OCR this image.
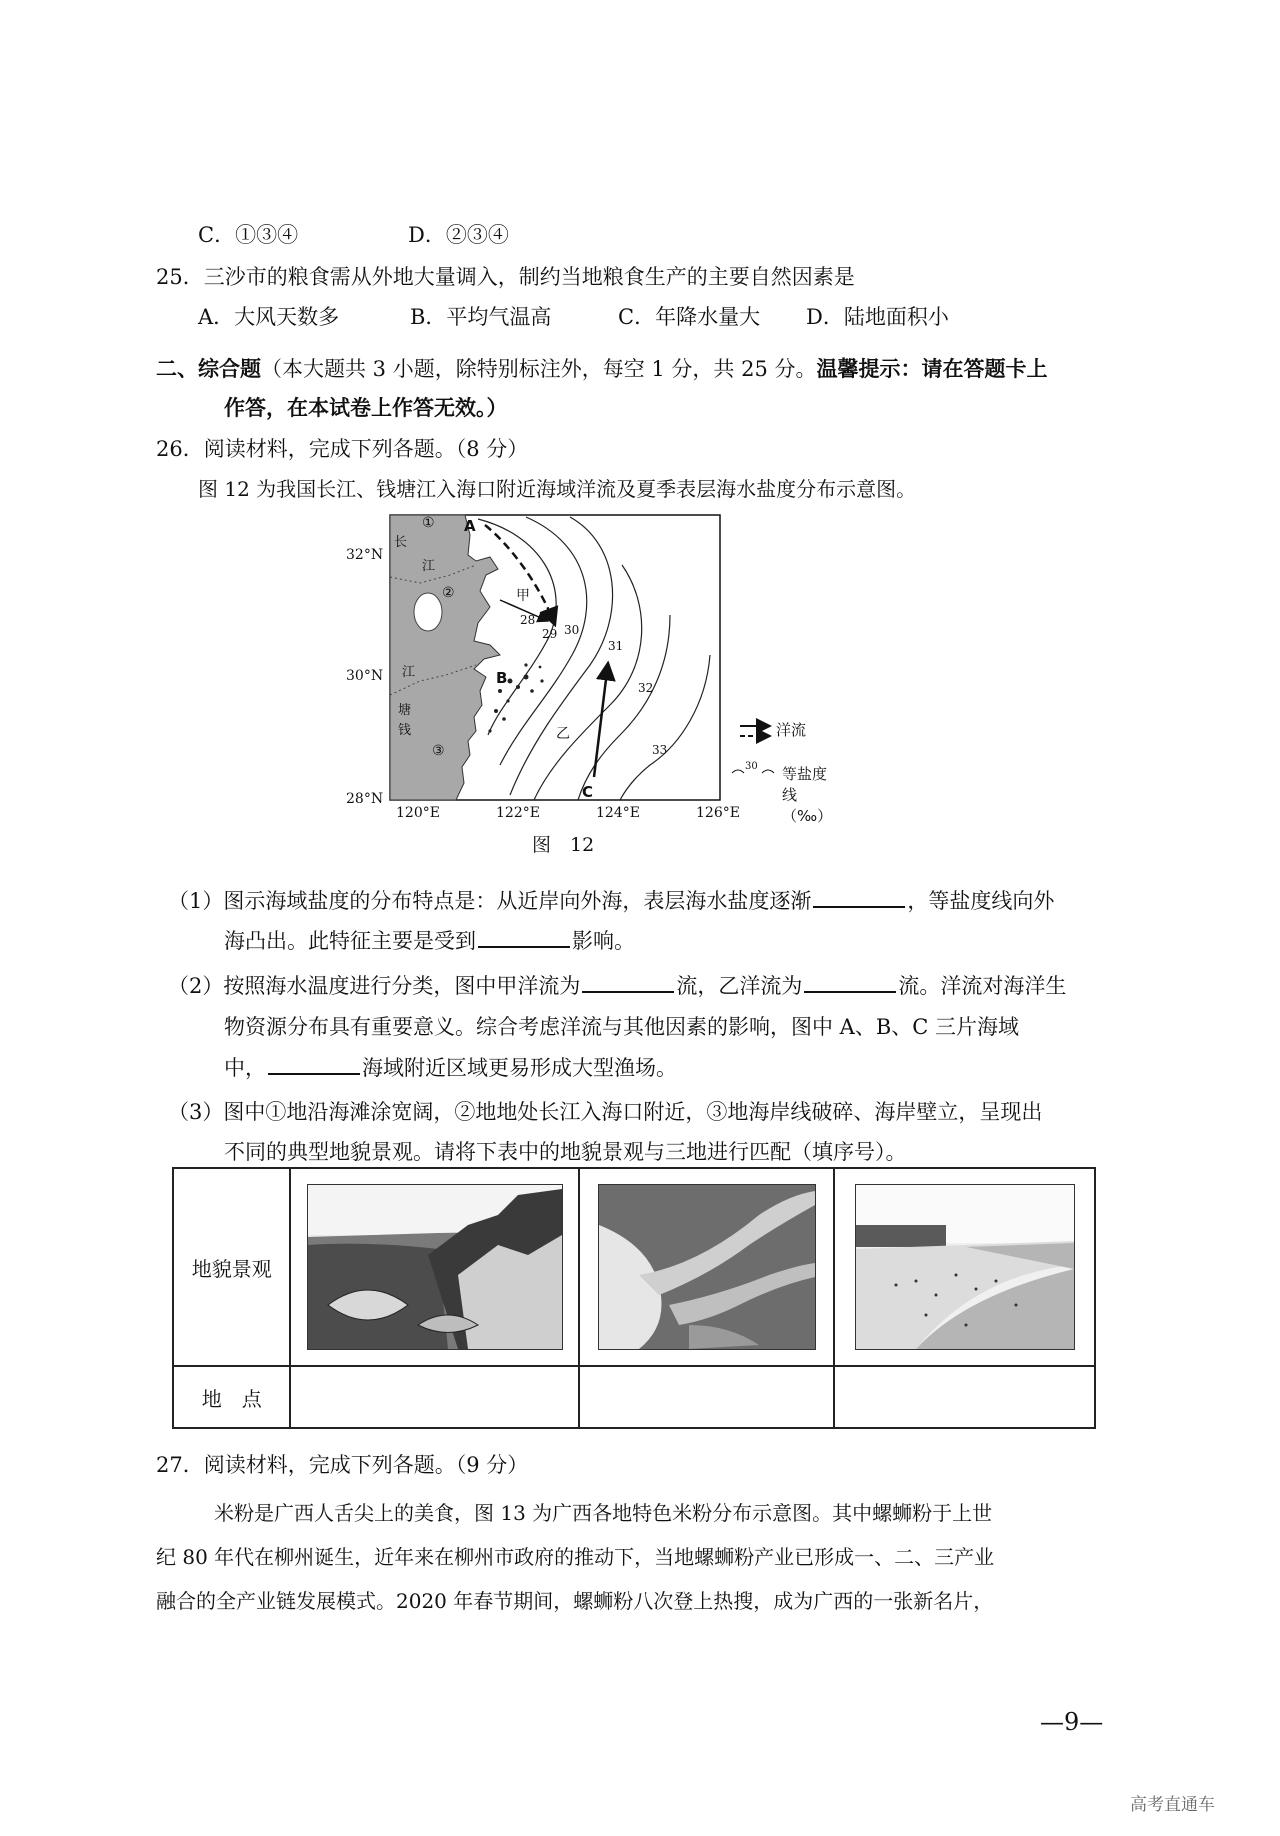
C．①③④	D．②③④
25．三沙市的粮食需从外地大量调入，制约当地粮食生产的主要自然因素是
A．大风天数多	B．平均气温高	C．年降水量大 D．陆地面积小
二、综合题（本大题共 3 小题，除特别标注外，每空 1 分，共 25 分。温馨提示：请在答题卡上
作答，在本试卷上作答无效。）
26．阅读材料，完成下列各题。（8 分）
图 12 为我国长江、钱塘江入海口附近海域洋流及夏季表层海水盐度分布示意图。
32°N
30°N
28°N
120°E	122°E	124°E	126°E
28
29 30
31
32
33
A
B
C
①
②
③
甲
乙
长
江
江
塘
钱	洋流
30 等盐度线（‰）
图　12
（1）图示海域盐度的分布特点是：从近岸向外海，表层海水盐度逐渐	，等盐度线向外
海凸出。此特征主要是受到	影响。
（2）按照海水温度进行分类，图中甲洋流为	流，乙洋流为	流。洋流对海洋生
物资源分布具有重要意义。综合考虑洋流与其他因素的影响，图中 A、B、C 三片海域
中，	海域附近区域更易形成大型渔场。
（3）图中①地沿海滩涂宽阔，②地地处长江入海口附近，③地海岸线破碎、海岸壁立，呈现出
不同的典型地貌景观。请将下表中的地貌景观与三地进行匹配（填序号）。
地貌景观	

地　点			
27．阅读材料，完成下列各题。（9 分）
米粉是广西人舌尖上的美食，图 13 为广西各地特色米粉分布示意图。其中螺蛳粉于上世
纪 80 年代在柳州诞生，近年来在柳州市政府的推动下，当地螺蛳粉产业已形成一、二、三产业
融合的全产业链发展模式。2020 年春节期间，螺蛳粉八次登上热搜，成为广西的一张新名片，
—9—
高考直通车
